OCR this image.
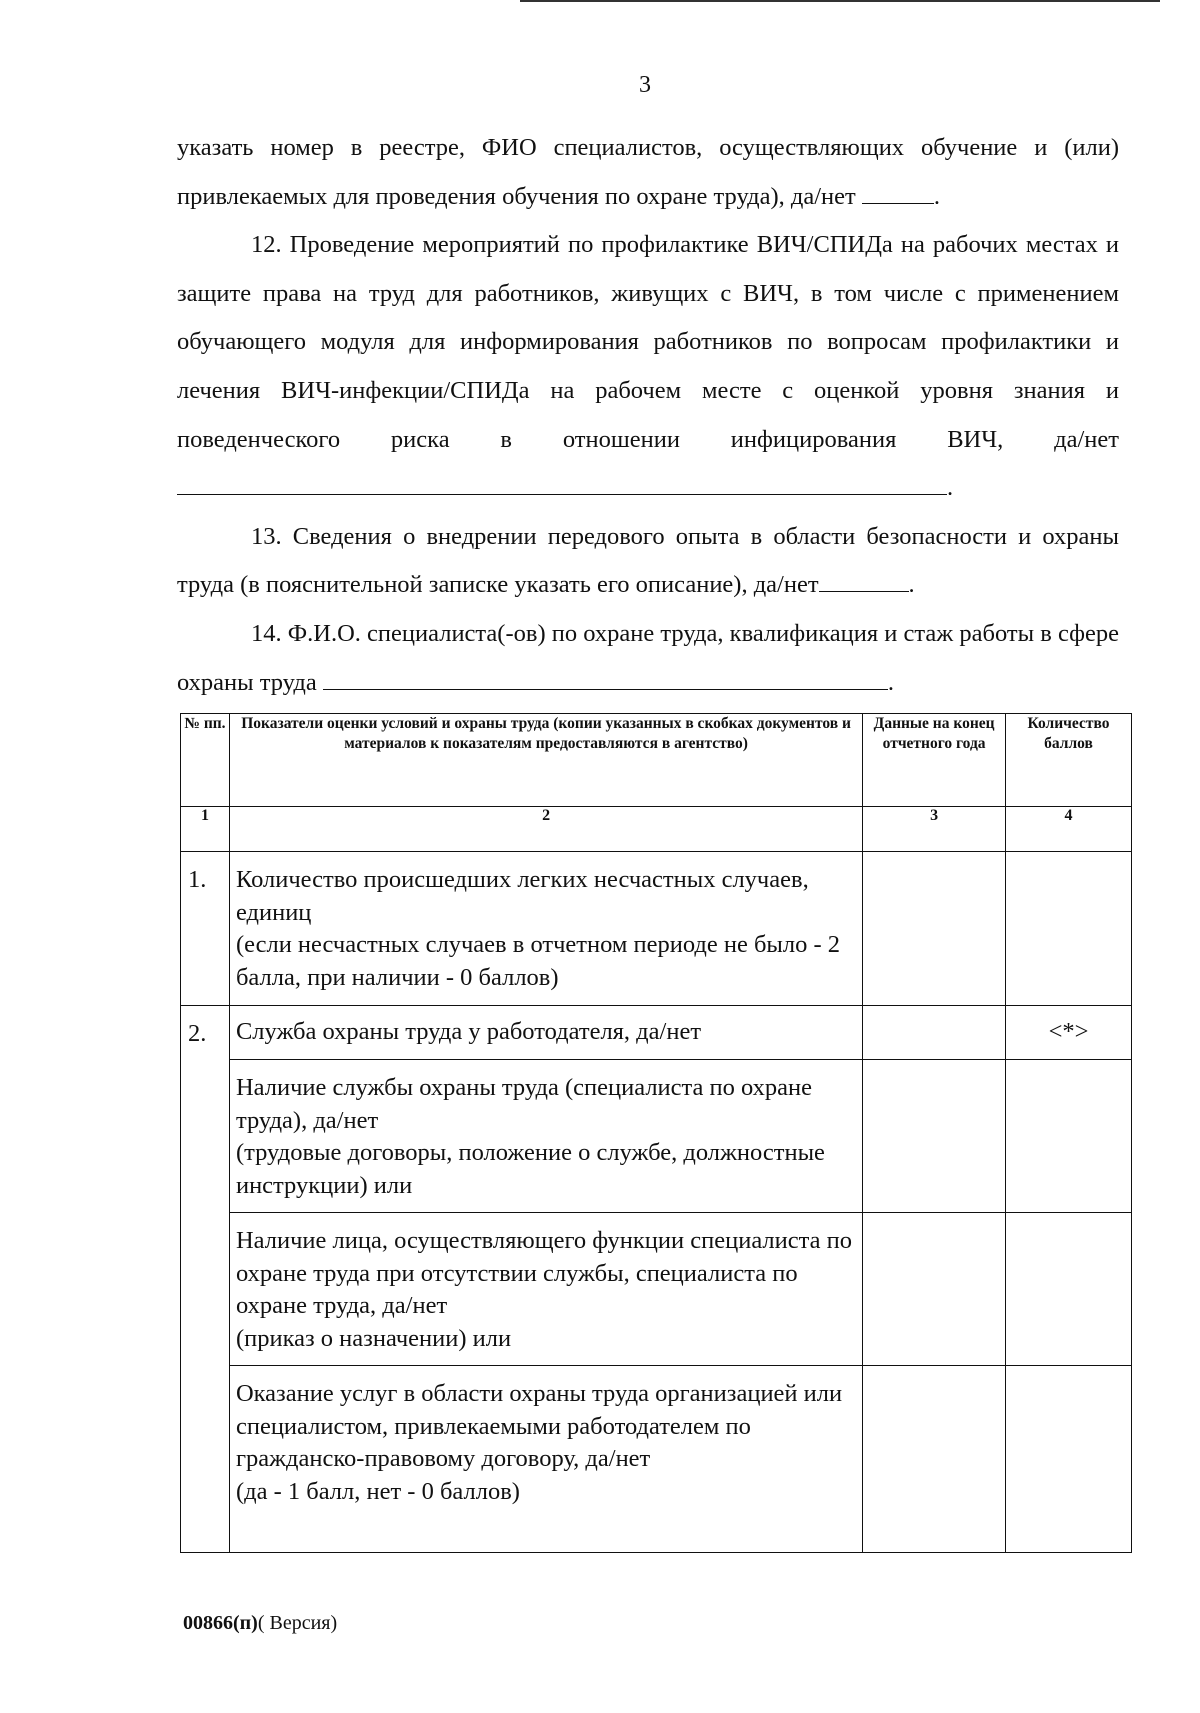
3

указать номер в реестре, ФИО специалистов, осуществляющих обучение и (или) привлекаемых для проведения обучения по охране труда), да/нет	.

12. Проведение мероприятий по профилактике ВИЧ/СПИДа на рабочих местах и защите права на труд для работников, живущих с ВИЧ, в том числе с применением обучающего модуля для информирования работников по вопросам профилактики и лечения ВИЧ-инфекции/СПИДа на рабочем месте с оценкой уровня знания и поведенческого риска в отношении инфицирования ВИЧ, да/нет.

13. Сведения о внедрении передового опыта в области безопасности и охраны труда (в пояснительной записке указать его описание), да/нет	.

14. Ф.И.О. специалиста(-ов) по охране труда, квалификация и стаж работы в сфере охраны труда	.

№ пп.	Показатели оценки условий и охраны труда (копии указанных в скобках документов и материалов к показателям предоставляются в агентство)	Данные на конец отчетного года	Количество баллов
1	2	3	4
1.	Количество происшедших легких несчастных случаев, единиц
(если несчастных случаев в отчетном периоде не было - 2 балла, при наличии - 0 баллов)		
2.	Служба охраны труда у работодателя, да/нет		<*>
	Наличие службы охраны труда (специалиста по охране труда), да/нет
(трудовые договоры, положение о службе, должностные инструкции) или		
	Наличие лица, осуществляющего функции специалиста по охране труда при отсутствии службы, специалиста по охране труда, да/нет
(приказ о назначении) или		
	Оказание услуг в области охраны труда организацией или специалистом, привлекаемыми работодателем по гражданско-правовому договору, да/нет
(да - 1 балл, нет - 0 баллов)		
00866(п)( Версия)
